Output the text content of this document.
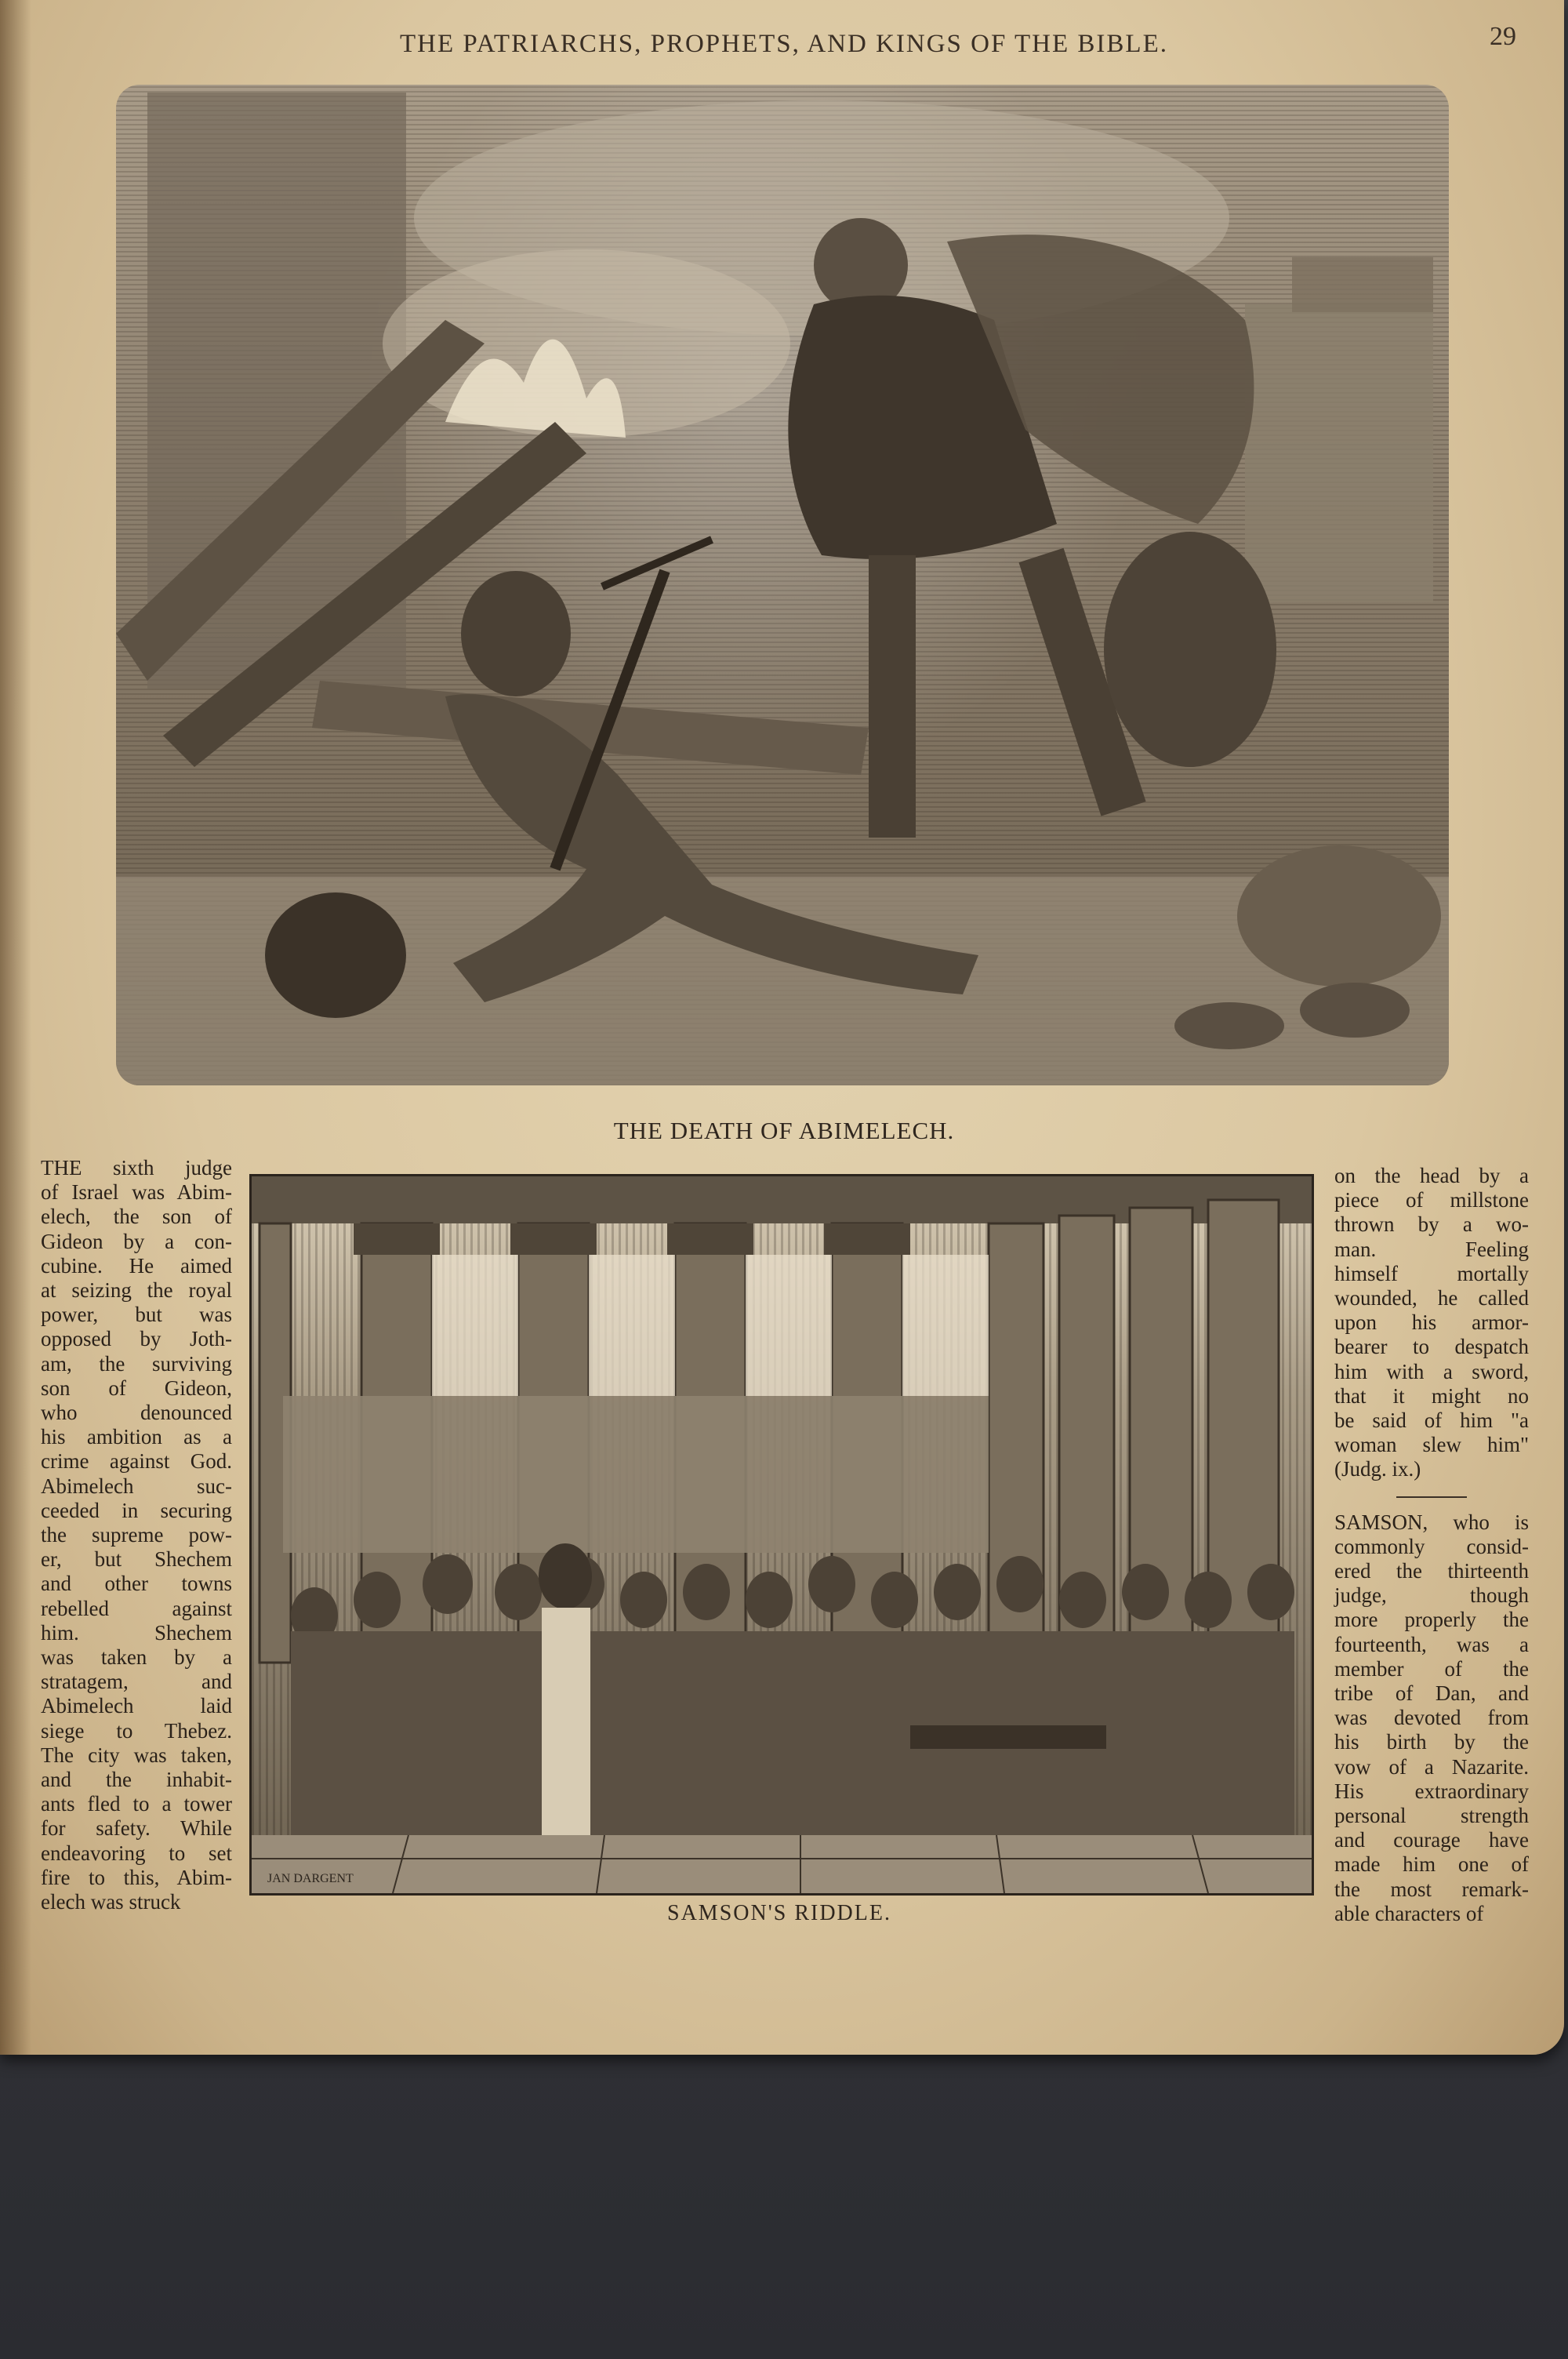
THE PATRIARCHS, PROPHETS, AND KINGS OF THE BIBLE.	29
THE DEATH OF ABIMELECH.
THE sixth judge
of Israel was Abim-
elech, the son of
Gideon by a con-
cubine. He aimed
at seizing the royal
power, but was
opposed by Joth-
am, the surviving
son of Gideon,
who denounced
his ambition as a
crime against God.
Abimelech suc-
ceeded in securing
the supreme pow-
er, but Shechem
and other towns
rebelled against
him. Shechem
was taken by a
stratagem, and
Abimelech laid
siege to Thebez.
The city was taken,
and the inhabit-
ants fled to a tower
for safety. While
endeavoring to set
fire to this, Abim-
elech was struck
JAN DARGENT
SAMSON'S RIDDLE.
on the head by a
piece of millstone
thrown by a wo-
man. Feeling
himself mortally
wounded, he called
upon his armor-
bearer to despatch
him with a sword,
that it might no
be said of him "a
woman slew him"
(Judg. ix.)
SAMSON, who is
commonly consid-
ered the thirteenth
judge, though
more properly the
fourteenth, was a
member of the
tribe of Dan, and
was devoted from
his birth by the
vow of a Nazarite.
His extraordinary
personal strength
and courage have
made him one of
the most remark-
able characters of
